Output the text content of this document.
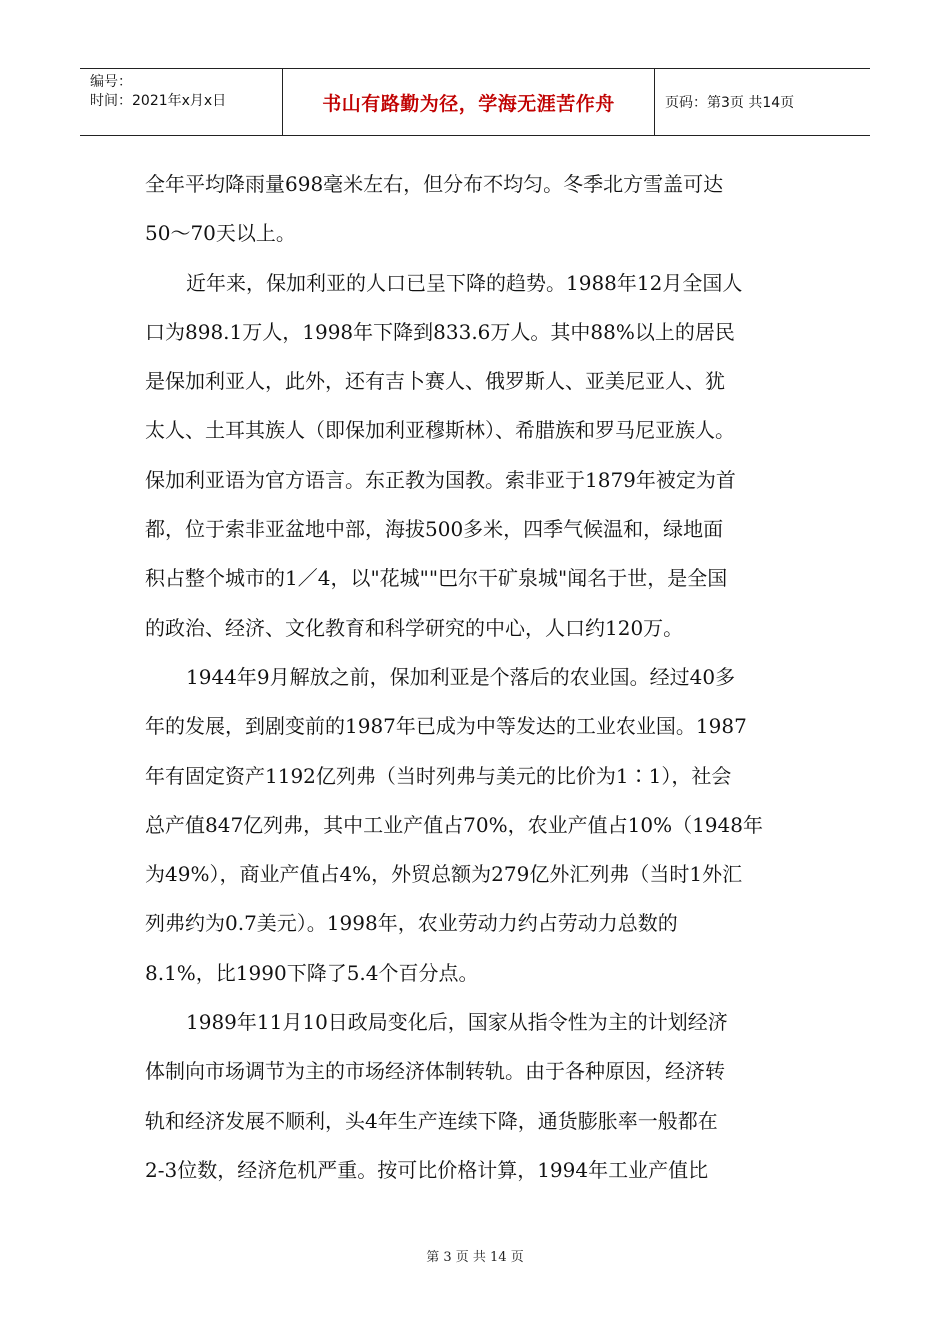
编号：
时间：2021年x月x日	书山有路勤为径，学海无涯苦作舟	页码：第3页 共14页
全年平均降雨量698毫米左右，但分布不均匀。冬季北方雪盖可达
50～70天以上。
近年来，保加利亚的人口已呈下降的趋势。1988年12月全国人
口为898.1万人，1998年下降到833.6万人。其中88%以上的居民
是保加利亚人，此外，还有吉卜赛人、俄罗斯人、亚美尼亚人、犹
太人、土耳其族人（即保加利亚穆斯林）、希腊族和罗马尼亚族人。
保加利亚语为官方语言。东正教为国教。索非亚于1879年被定为首
都，位于索非亚盆地中部，海拔500多米，四季气候温和，绿地面
积占整个城市的1／4，以"花城""巴尔干矿泉城"闻名于世，是全国
的政治、经济、文化教育和科学研究的中心，人口约120万。
1944年9月解放之前，保加利亚是个落后的农业国。经过40多
年的发展，到剧变前的1987年已成为中等发达的工业农业国。1987
年有固定资产1192亿列弗（当时列弗与美元的比价为1∶1），社会
总产值847亿列弗，其中工业产值占70%，农业产值占10%（1948年
为49%），商业产值占4%，外贸总额为279亿外汇列弗（当时1外汇
列弗约为0.7美元）。1998年，农业劳动力约占劳动力总数的
8.1%，比1990下降了5.4个百分点。
1989年11月10日政局变化后，国家从指令性为主的计划经济
体制向市场调节为主的市场经济体制转轨。由于各种原因，经济转
轨和经济发展不顺利，头4年生产连续下降，通货膨胀率一般都在
2-3位数，经济危机严重。按可比价格计算，1994年工业产值比
第 3 页 共 14 页
